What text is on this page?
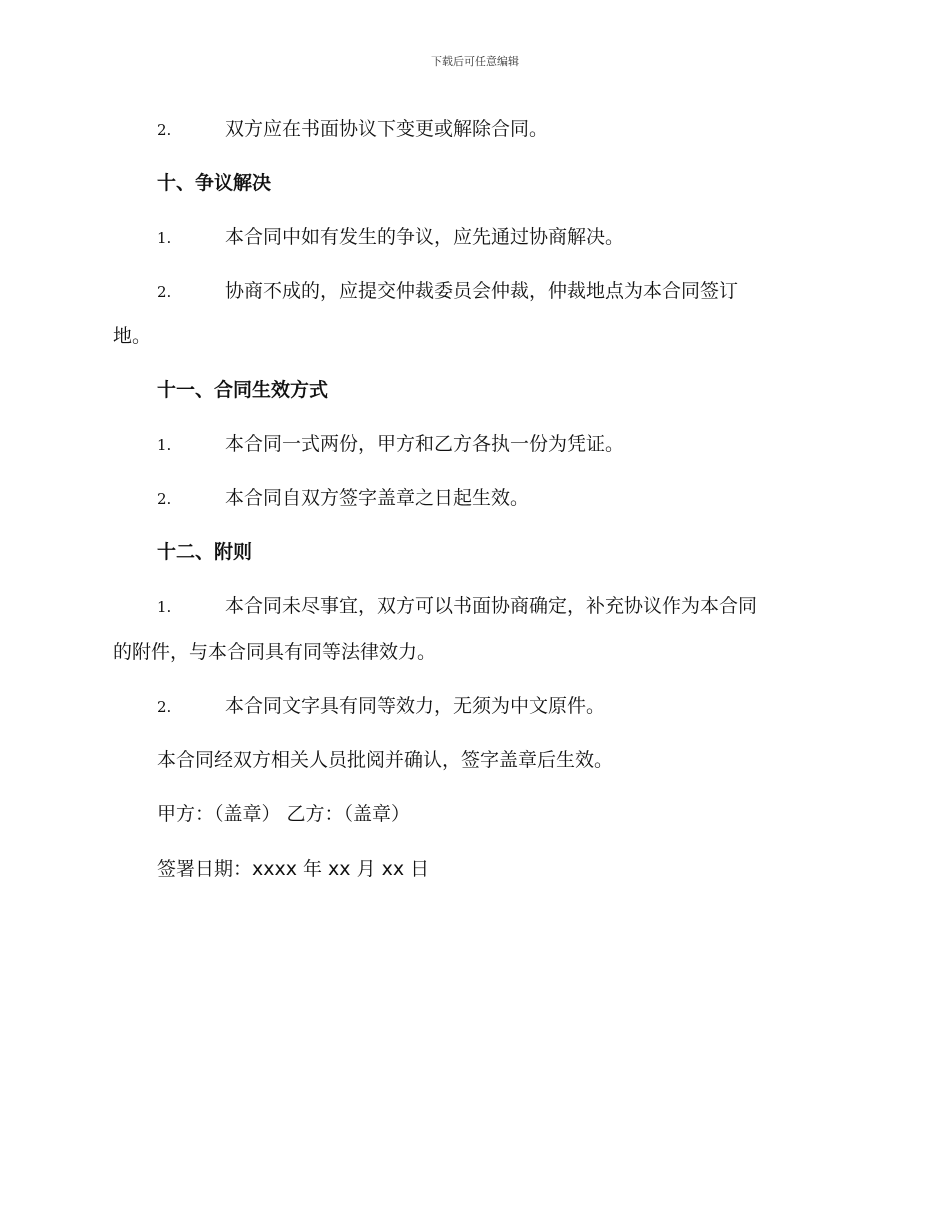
下载后可任意编辑
2.	双方应在书面协议下变更或解除合同。
十、争议解决
1.	本合同中如有发生的争议，应先通过协商解决。
2.	协商不成的，应提交仲裁委员会仲裁，仲裁地点为本合同签订
地。
十一、合同生效方式
1.	本合同一式两份，甲方和乙方各执一份为凭证。
2.	本合同自双方签字盖章之日起生效。
十二、附则
1.	本合同未尽事宜，双方可以书面协商确定，补充协议作为本合同
的附件，与本合同具有同等法律效力。
2.	本合同文字具有同等效力，无须为中文原件。
本合同经双方相关人员批阅并确认，签字盖章后生效。
甲方：（盖章） 乙方：（盖章）
签署日期：xxxx 年 xx 月 xx 日
